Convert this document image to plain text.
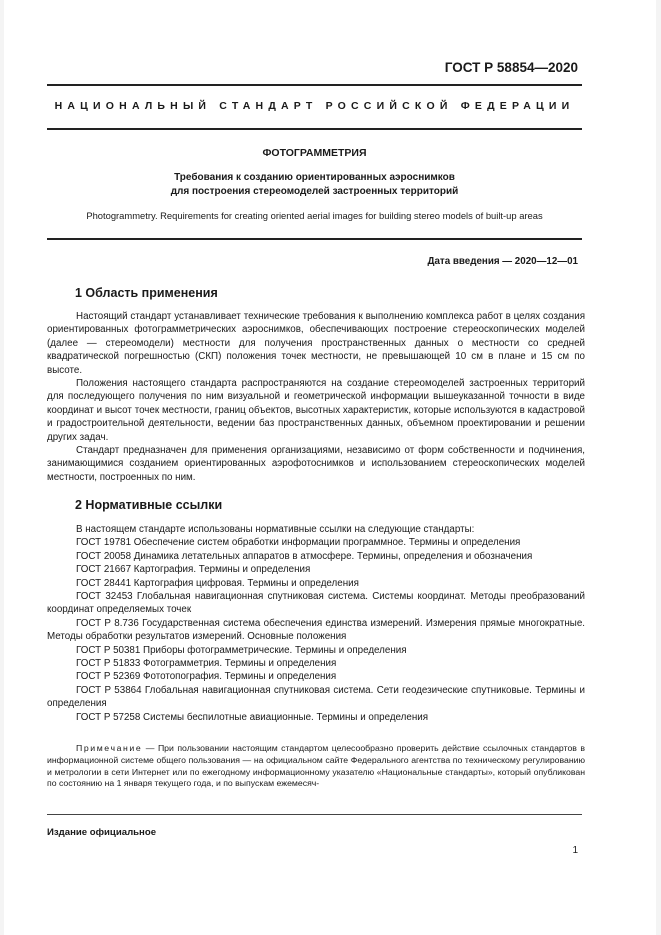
ГОСТ Р 58854—2020
НАЦИОНАЛЬНЫЙ СТАНДАРТ РОССИЙСКОЙ ФЕДЕРАЦИИ
ФОТОГРАММЕТРИЯ
Требования к созданию ориентированных аэроснимков
для построения стереомоделей застроенных территорий
Photogrammetry. Requirements for creating oriented aerial images for building stereo models of built-up areas
Дата введения — 2020—12—01
1 Область применения

Настоящий стандарт устанавливает технические требования к выполнению комплекса работ в целях создания ориентированных фотограмметрических аэроснимков, обеспечивающих построение стереоскопических моделей (далее — стереомодели) местности для получения пространственных данных о местности со средней квадратической погрешностью (СКП) положения точек местности, не превышающей 10 см в плане и 15 см по высоте.

Положения настоящего стандарта распространяются на создание стереомоделей застроенных территорий для последующего получения по ним визуальной и геометрической информации вышеуказанной точности в виде координат и высот точек местности, границ объектов, высотных характеристик, которые используются в кадастровой и градостроительной деятельности, ведении баз пространственных данных, объемном проектировании и решении других задач.

Стандарт предназначен для применения организациями, независимо от форм собственности и подчинения, занимающимися созданием ориентированных аэрофотоснимков и использованием стереоскопических моделей местности, построенных по ним.

2 Нормативные ссылки

В настоящем стандарте использованы нормативные ссылки на следующие стандарты:

ГОСТ 19781 Обеспечение систем обработки информации программное. Термины и определения

ГОСТ 20058 Динамика летательных аппаратов в атмосфере. Термины, определения и обозначения

ГОСТ 21667 Картография. Термины и определения

ГОСТ 28441 Картография цифровая. Термины и определения

ГОСТ 32453 Глобальная навигационная спутниковая система. Системы координат. Методы преобразований координат определяемых точек

ГОСТ Р 8.736 Государственная система обеспечения единства измерений. Измерения прямые многократные. Методы обработки результатов измерений. Основные положения

ГОСТ Р 50381 Приборы фотограмметрические. Термины и определения

ГОСТ Р 51833 Фотограмметрия. Термины и определения

ГОСТ Р 52369 Фототопография. Термины и определения

ГОСТ Р 53864 Глобальная навигационная спутниковая система. Сети геодезические спутниковые. Термины и определения

ГОСТ Р 57258 Системы беспилотные авиационные. Термины и определения

Примечание — При пользовании настоящим стандартом целесообразно проверить действие ссылочных стандартов в информационной системе общего пользования — на официальном сайте Федерального агентства по техническому регулированию и метрологии в сети Интернет или по ежегодному информационному указателю «Национальные стандарты», который опубликован по состоянию на 1 января текущего года, и по выпускам ежемесяч-

Издание официальное
1
